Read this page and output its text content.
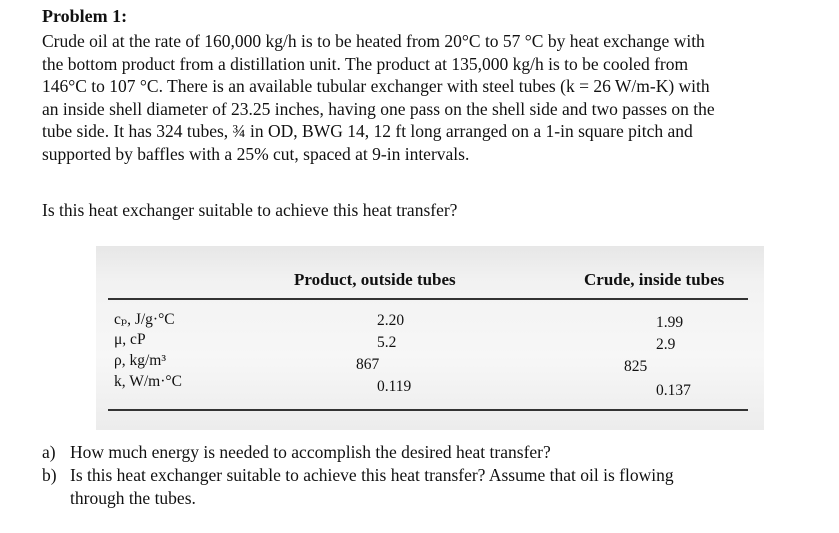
Problem 1:
Crude oil at the rate of 160,000 kg/h is to be heated from 20°C to 57 °C by heat exchange with
the bottom product from a distillation unit. The product at 135,000 kg/h is to be cooled from
146°C to 107 °C. There is an available tubular exchanger with steel tubes (k = 26 W/m-K) with
an inside shell diameter of 23.25 inches, having one pass on the shell side and two passes on the
tube side. It has 324 tubes, ¾ in OD, BWG 14, 12 ft long arranged on a 1-in square pitch and
supported by baffles with a 25% cut, spaced at 9-in intervals.
Is this heat exchanger suitable to achieve this heat transfer?
Product, outside tubes	Crude, inside tubes
cₚ, J/g·°C
μ, cP
ρ, kg/m³
k, W/m·°C
2.20
5.2
867
0.119
1.99
2.9
825
0.137
a) How much energy is needed to accomplish the desired heat transfer?
b) Is this heat exchanger suitable to achieve this heat transfer? Assume that oil is flowing
through the tubes.
